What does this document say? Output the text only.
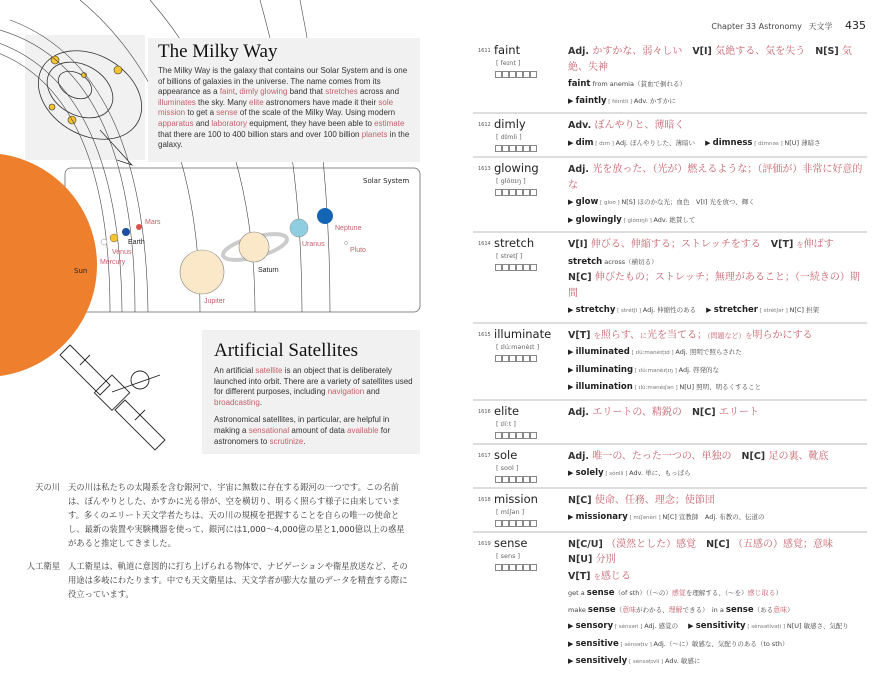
Chapter 33 Astronomy 天文学 435
Sun
Solar System
Mercury
Venus
Earth
Mars
Jupiter
Saturn
Uranus
Neptune
Pluto
The Milky Way
The Milky Way is the galaxy that contains our Solar System and is one of billions of galaxies in the universe. The name comes from its appearance as a faint, dimly glowing band that stretches across and illuminates the sky. Many elite astronomers have made it their sole mission to get a sense of the scale of the Milky Way. Using modern apparatus and laboratory equipment, they have been able to estimate that there are 100 to 400 billion stars and over 100 billion planets in the galaxy.
Artificial Satellites
An artificial satellite is an object that is deliberately launched into orbit. There are a variety of satellites used for different purposes, including navigation and broadcasting.
Astronomical satellites, in particular, are helpful in making a sensational amount of data available for astronomers to scrutinize.
天の川 天の川は私たちの太陽系を含む銀河で、宇宙に無数に存在する銀河の一つです。この名前は、ぼんやりとした、かすかに光る帯が、空を横切り、明るく照らす様子に由来しています。多くのエリート天文学者たちは、天の川の規模を把握することを自らの唯一の使命とし、最新の装置や実験機器を使って、銀河には1,000〜4,000億の星と1,000億以上の惑星があると推定してきました。
人工衛星 人工衛星は、軌道に意図的に打ち上げられる物体で、ナビゲーションや衛星放送など、その用途は多岐にわたります。中でも天文衛星は、天文学者が膨大な量のデータを精査する際に役立っています。
1611 faint
[ feɪnt ]
Adj. かすかな、弱々しい V[I] 気絶する、気を失う N[S] 気絶、失神
faint from anemia（貧血で倒れる）
▶ faintly [ féɪntli ] Adv. かすかに
1612 dimly
[ dɪ́mli ]
Adv. ぼんやりと、薄暗く
▶ dim [ dɪm ] Adj. ぼんやりした、薄暗い ▶ dimness [ dɪ́mnəs ] N[U] 薄暗さ
1613 glowing
[ glóʊɪŋ ]
Adj. 光を放った、（光が）燃えるような；（評価が）非常に好意的な
▶ glow [ gloʊ ] N[S] ほのかな光；血色　V[I] 光を放つ、輝く
▶ glowingly [ glóʊɪŋli ] Adv. 絶賛して
1614 stretch
[ stretʃ ]
V[I] 伸びる、伸縮する；ストレッチをする V[T] を伸ばす
stretch across（横切る）
N[C] 伸びたもの；ストレッチ；無理があること；（一続きの）期間
▶ stretchy [ strétʃi ] Adj. 伸縮性のある ▶ stretcher [ strétʃər ] N[C] 担架
1615 illuminate
[ ɪlúːmənèɪt ]
V[T] を照らす、に光を当てる；（問題など）を明らかにする
▶ illuminated [ ɪlúːmənèɪṭɪd ] Adj. 照明で照らされた
▶ illuminating [ ɪlúːmənèɪṭɪŋ ] Adj. 啓発的な
▶ illumination [ ɪlùːmənéɪʃən ] N[U] 照明、明るくすること
1616 elite
[ ɪlíːt ]
Adj. エリートの、精鋭の N[C] エリート
1617 sole
[ soʊl ]
Adj. 唯一の、たった一つの、単独の N[C] 足の裏、靴底
▶ solely [ sóʊlli ] Adv. 単に、もっぱら
1618 mission
[ mɪ́ʃən ]
N[C] 使命、任務、理念；使節団
▶ missionary [ mɪ́ʃənèri ] N[C] 宣教師　Adj. 布教の、伝道の
1619 sense
[ sens ]
N[C/U] （漠然とした）感覚 N[C] （五感の）感覚；意味N[U] 分別
V[T] を感じる
get a sense（of sth）（（〜の）感覚を理解する、（〜を）感じ取る）
make sense（意味がわかる、理解できる）　in a sense（ある意味）
▶ sensory [ sénsəri ] Adj. 感覚の ▶ sensitivity [ sènsətívəṭi ] N[U] 敏感さ、気配り
▶ sensitive [ sénsəṭɪv ] Adj.（〜に）敏感な、気配りのある（to sth）
▶ sensitively [ sénsəṭɪvli ] Adv. 敏感に
